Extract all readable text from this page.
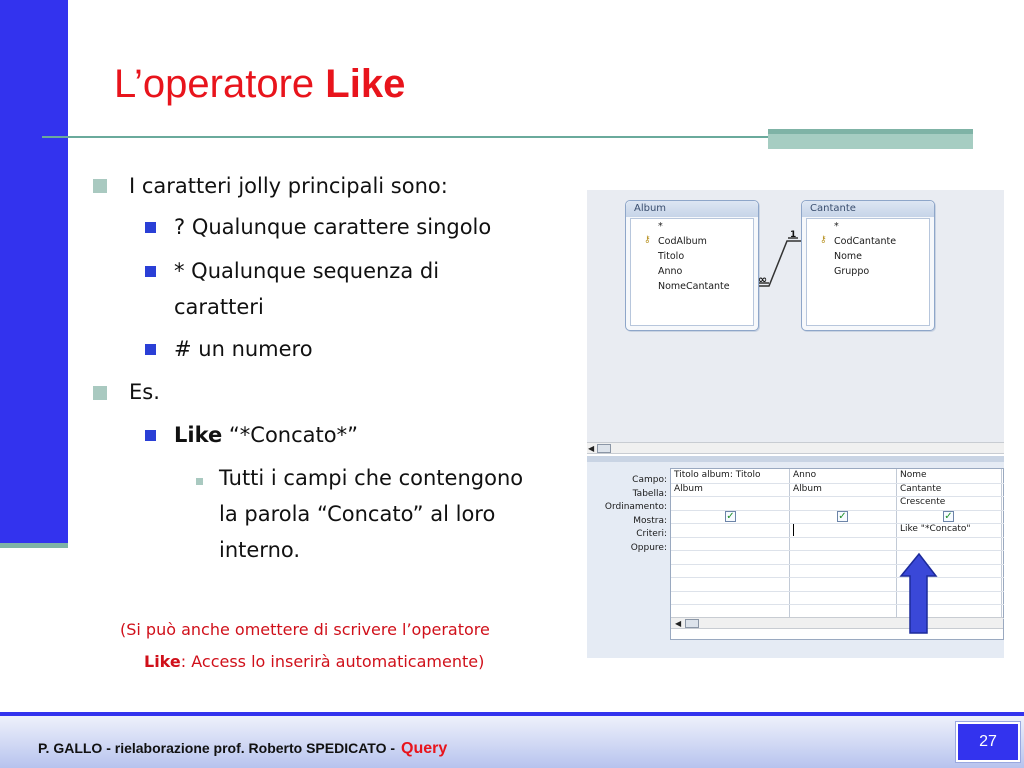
L’operatore Like
I caratteri jolly principali sono:
? Qualunque carattere singolo
* Qualunque sequenza di
caratteri
# un numero
Es.
Like “*Concato*”
Tutti i campi che contengono
la parola “Concato” al loro
interno.
(Si può anche omettere di scrivere l’operatore
Like: Access lo inserirà automaticamente)
Album
*
⚷ CodAlbum
Titolo
Anno
NomeCantante
Cantante
*
⚷ CodCantante
Nome
Gruppo
1
∞
◀
Campo:
Tabella:
Ordinamento:
Mostra:
Criteri:
Oppure:
Titolo album: Titolo
Album
✓
Anno
Album
✓
Nome
Cantante
Crescente
✓
Like "*Concato"
◀
P. GALLO - rielaborazione prof. Roberto SPEDICATO - Query	27
